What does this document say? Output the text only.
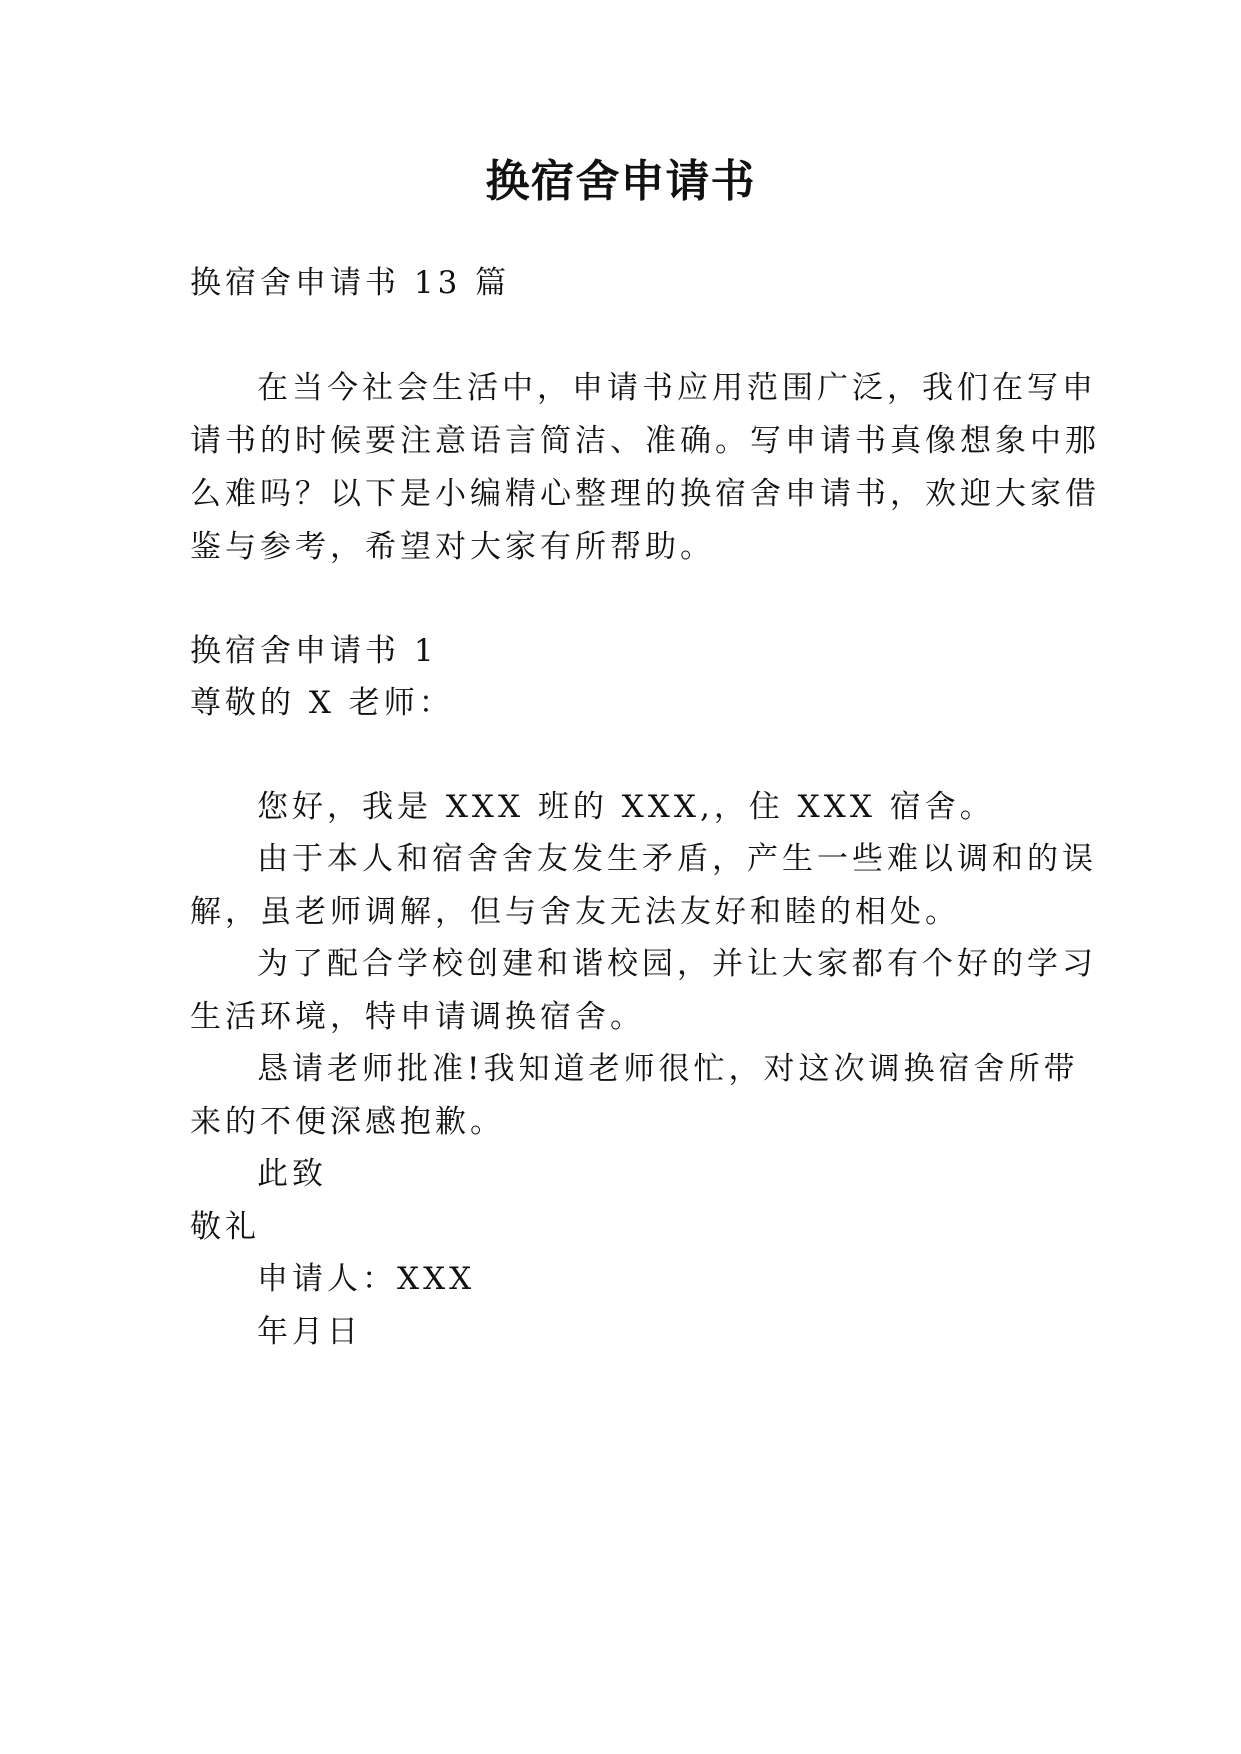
换宿舍申请书
换宿舍申请书 13 篇
在当今社会生活中，申请书应用范围广泛，我们在写申
请书的时候要注意语言简洁、准确。写申请书真像想象中那
么难吗？以下是小编精心整理的换宿舍申请书，欢迎大家借
鉴与参考，希望对大家有所帮助。
换宿舍申请书 1
尊敬的 X 老师：
您好，我是 XXX 班的 XXX,，住 XXX 宿舍。
由于本人和宿舍舍友发生矛盾，产生一些难以调和的误
解，虽老师调解，但与舍友无法友好和睦的相处。
为了配合学校创建和谐校园，并让大家都有个好的学习
生活环境，特申请调换宿舍。
恳请老师批准!我知道老师很忙，对这次调换宿舍所带
来的不便深感抱歉。
此致
敬礼
申请人：XXX
年月日
